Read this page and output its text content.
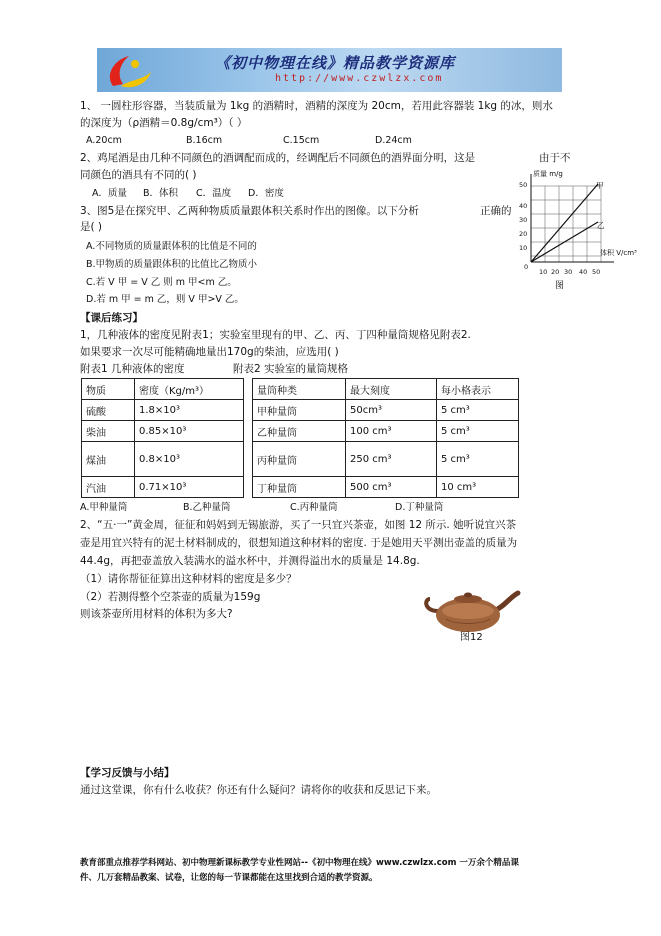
《初中物理在线》精品教学资源库
http://www.czwlzx.com
1、 一圆柱形容器，当装质量为 1kg 的酒精时，酒精的深度为 20cm，若用此容器装 1kg 的冰，则水
的深度为（ρ酒精＝0.8g/cm³）（ ）
A.20cm	B.16cm	C.15cm	D.24cm
2、鸡尾酒是由几种不同颜色的酒调配而成的，经调配后不同颜色的酒界面分明，这是	由于不
同颜色的酒具有不同的( )
A．质量 B．体积 C．温度 D．密度
3、图5是在探究甲、乙两种物质质量跟体积关系时作出的图像。以下分析	正确的
是( )
A.不同物质的质量跟体积的比值是不同的
B.甲物质的质量跟体积的比值比乙物质小
C.若 V 甲 = V 乙 则 m 甲<m 乙。
D.若 m 甲 = m 乙，则 V 甲>V 乙。
质量 m/g
体积 V/cm³
10
20
30
40
50
0
10 20 30 40 50
甲
乙
图
【课后练习】
1，几种液体的密度见附表1；实验室里现有的甲、乙、丙、丁四种量筒规格见附表2.
如果要求一次尽可能精确地量出170g的柴油，应选用( )
附表1 几种液体的密度	附表2 实验室的量筒规格
物质	密度（Kg/m³）
硫酸	1.8×10³
柴油	0.85×10³
煤油	0.8×10³
汽油	0.71×10³
量筒种类	最大刻度	每小格表示
甲种量筒	50cm³	5 cm³
乙种量筒	100 cm³	5 cm³
丙种量筒	250 cm³	5 cm³
丁种量筒	500 cm³	10 cm³
A.甲种量筒	B.乙种量筒	C.丙种量筒	D.丁种量筒
2、“五·一”黄金周，征征和妈妈到无锡旅游，买了一只宜兴茶壶，如图 12 所示. 她听说宜兴茶
壶是用宜兴特有的泥土材料制成的，很想知道这种材料的密度. 于是她用天平测出壶盖的质量为
44.4g，再把壶盖放入装满水的溢水杯中，并测得溢出水的质量是 14.8g.
（1）请你帮征征算出这种材料的密度是多少？
（2）若测得整个空茶壶的质量为159g
则该茶壶所用材料的体积为多大?
图12
【学习反馈与小结】
通过这堂课，你有什么收获？你还有什么疑问？请将你的收获和反思记下来。
教育部重点推荐学科网站、初中物理新课标教学专业性网站--《初中物理在线》www.czwlzx.com 一万余个精品课
件、几万套精品教案、试卷，让您的每一节课都能在这里找到合适的教学资源。
